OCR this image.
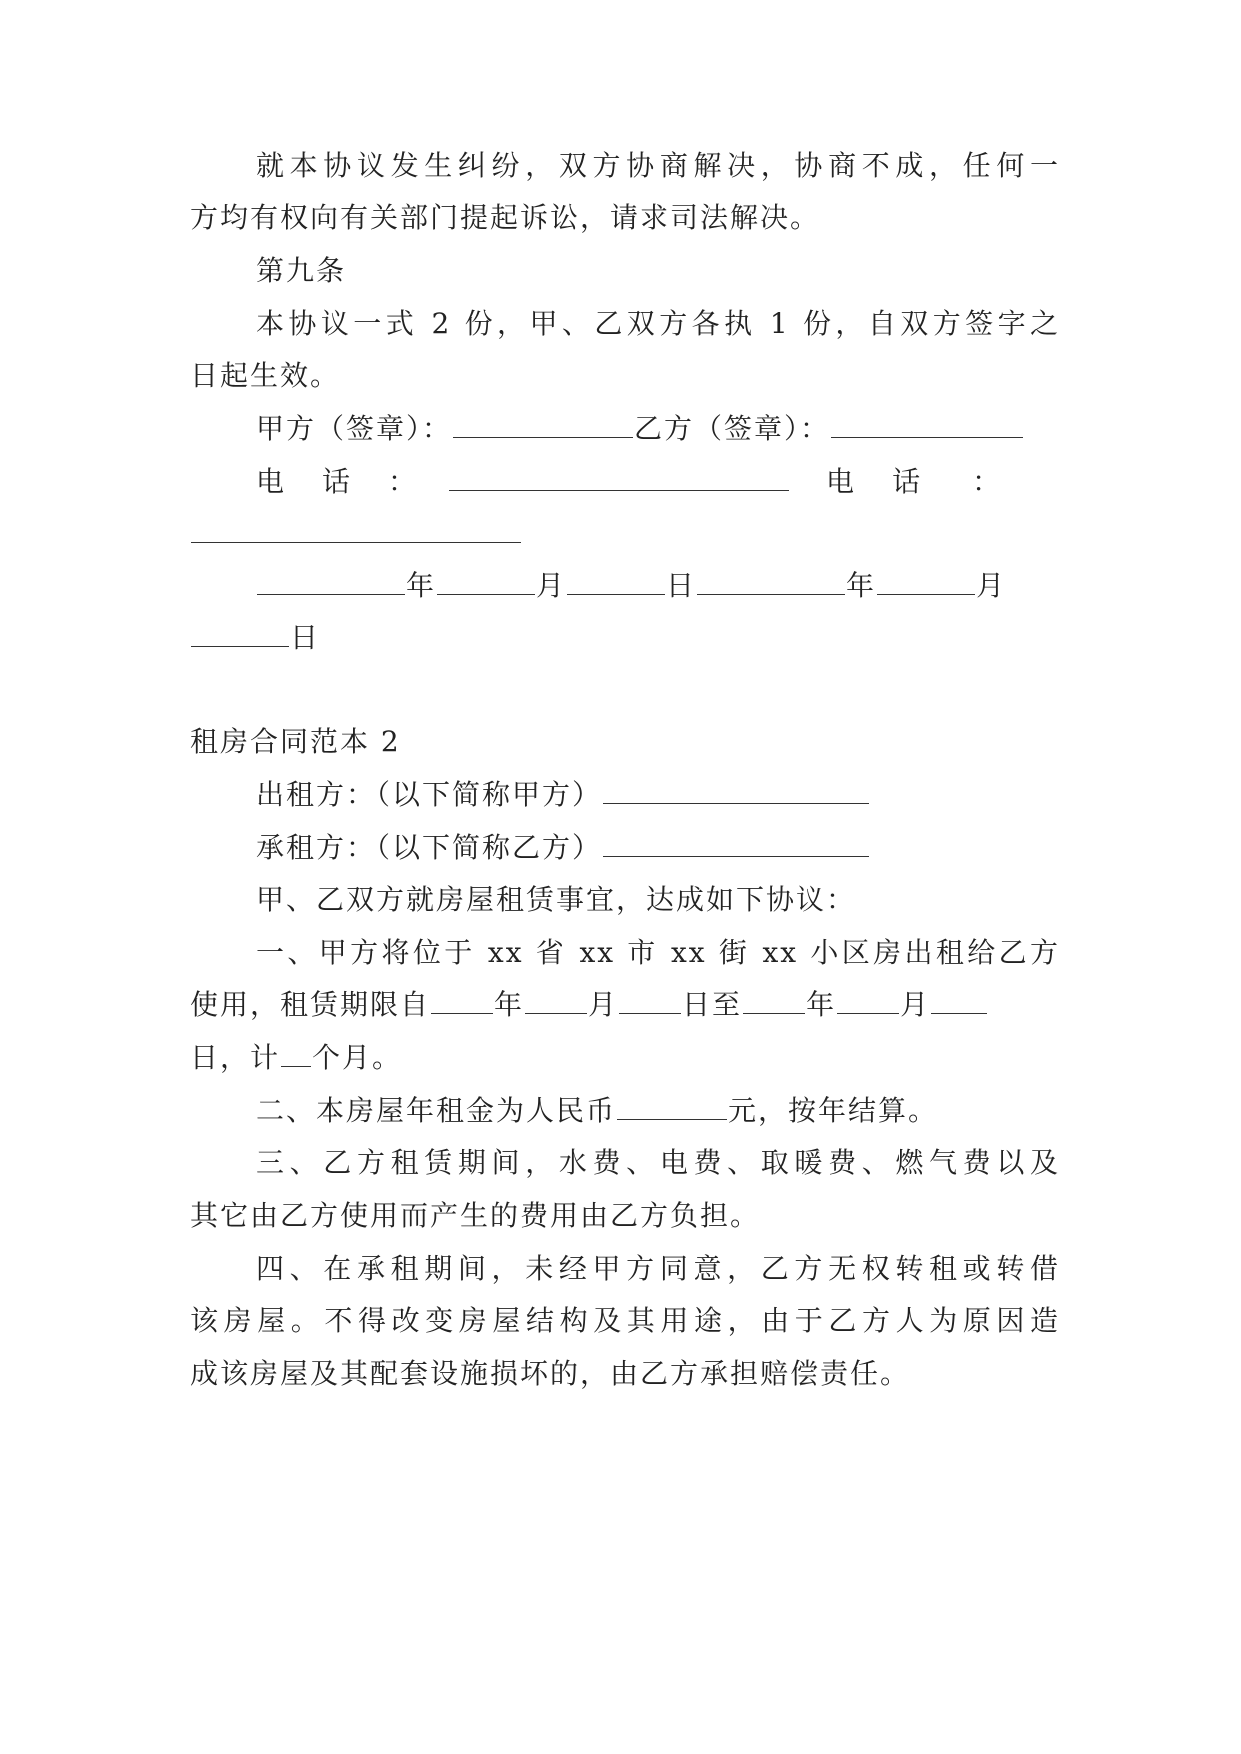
就本协议发生纠纷，双方协商解决，协商不成，任何一
方均有权向有关部门提起诉讼，请求司法解决。
第九条
本协议一式 2 份，甲、乙双方各执 1 份，自双方签字之
日起生效。
甲方（签章）：	乙方（签章）：
电 话 ：	电 话 ：
年	月	日	年	月
日
租房合同范本 2
出租方：（以下简称甲方）
承租方：（以下简称乙方）
甲、乙双方就房屋租赁事宜，达成如下协议：
一、甲方将位于 xx 省 xx 市 xx 街 xx 小区房出租给乙方
使用，租赁期限自 年 月 日至 年 月
日，计 个月。
二、本房屋年租金为人民币	元，按年结算。
三、乙方租赁期间，水费、电费、取暖费、燃气费以及
其它由乙方使用而产生的费用由乙方负担。
四、在承租期间，未经甲方同意，乙方无权转租或转借
该房屋。不得改变房屋结构及其用途，由于乙方人为原因造
成该房屋及其配套设施损坏的，由乙方承担赔偿责任。
